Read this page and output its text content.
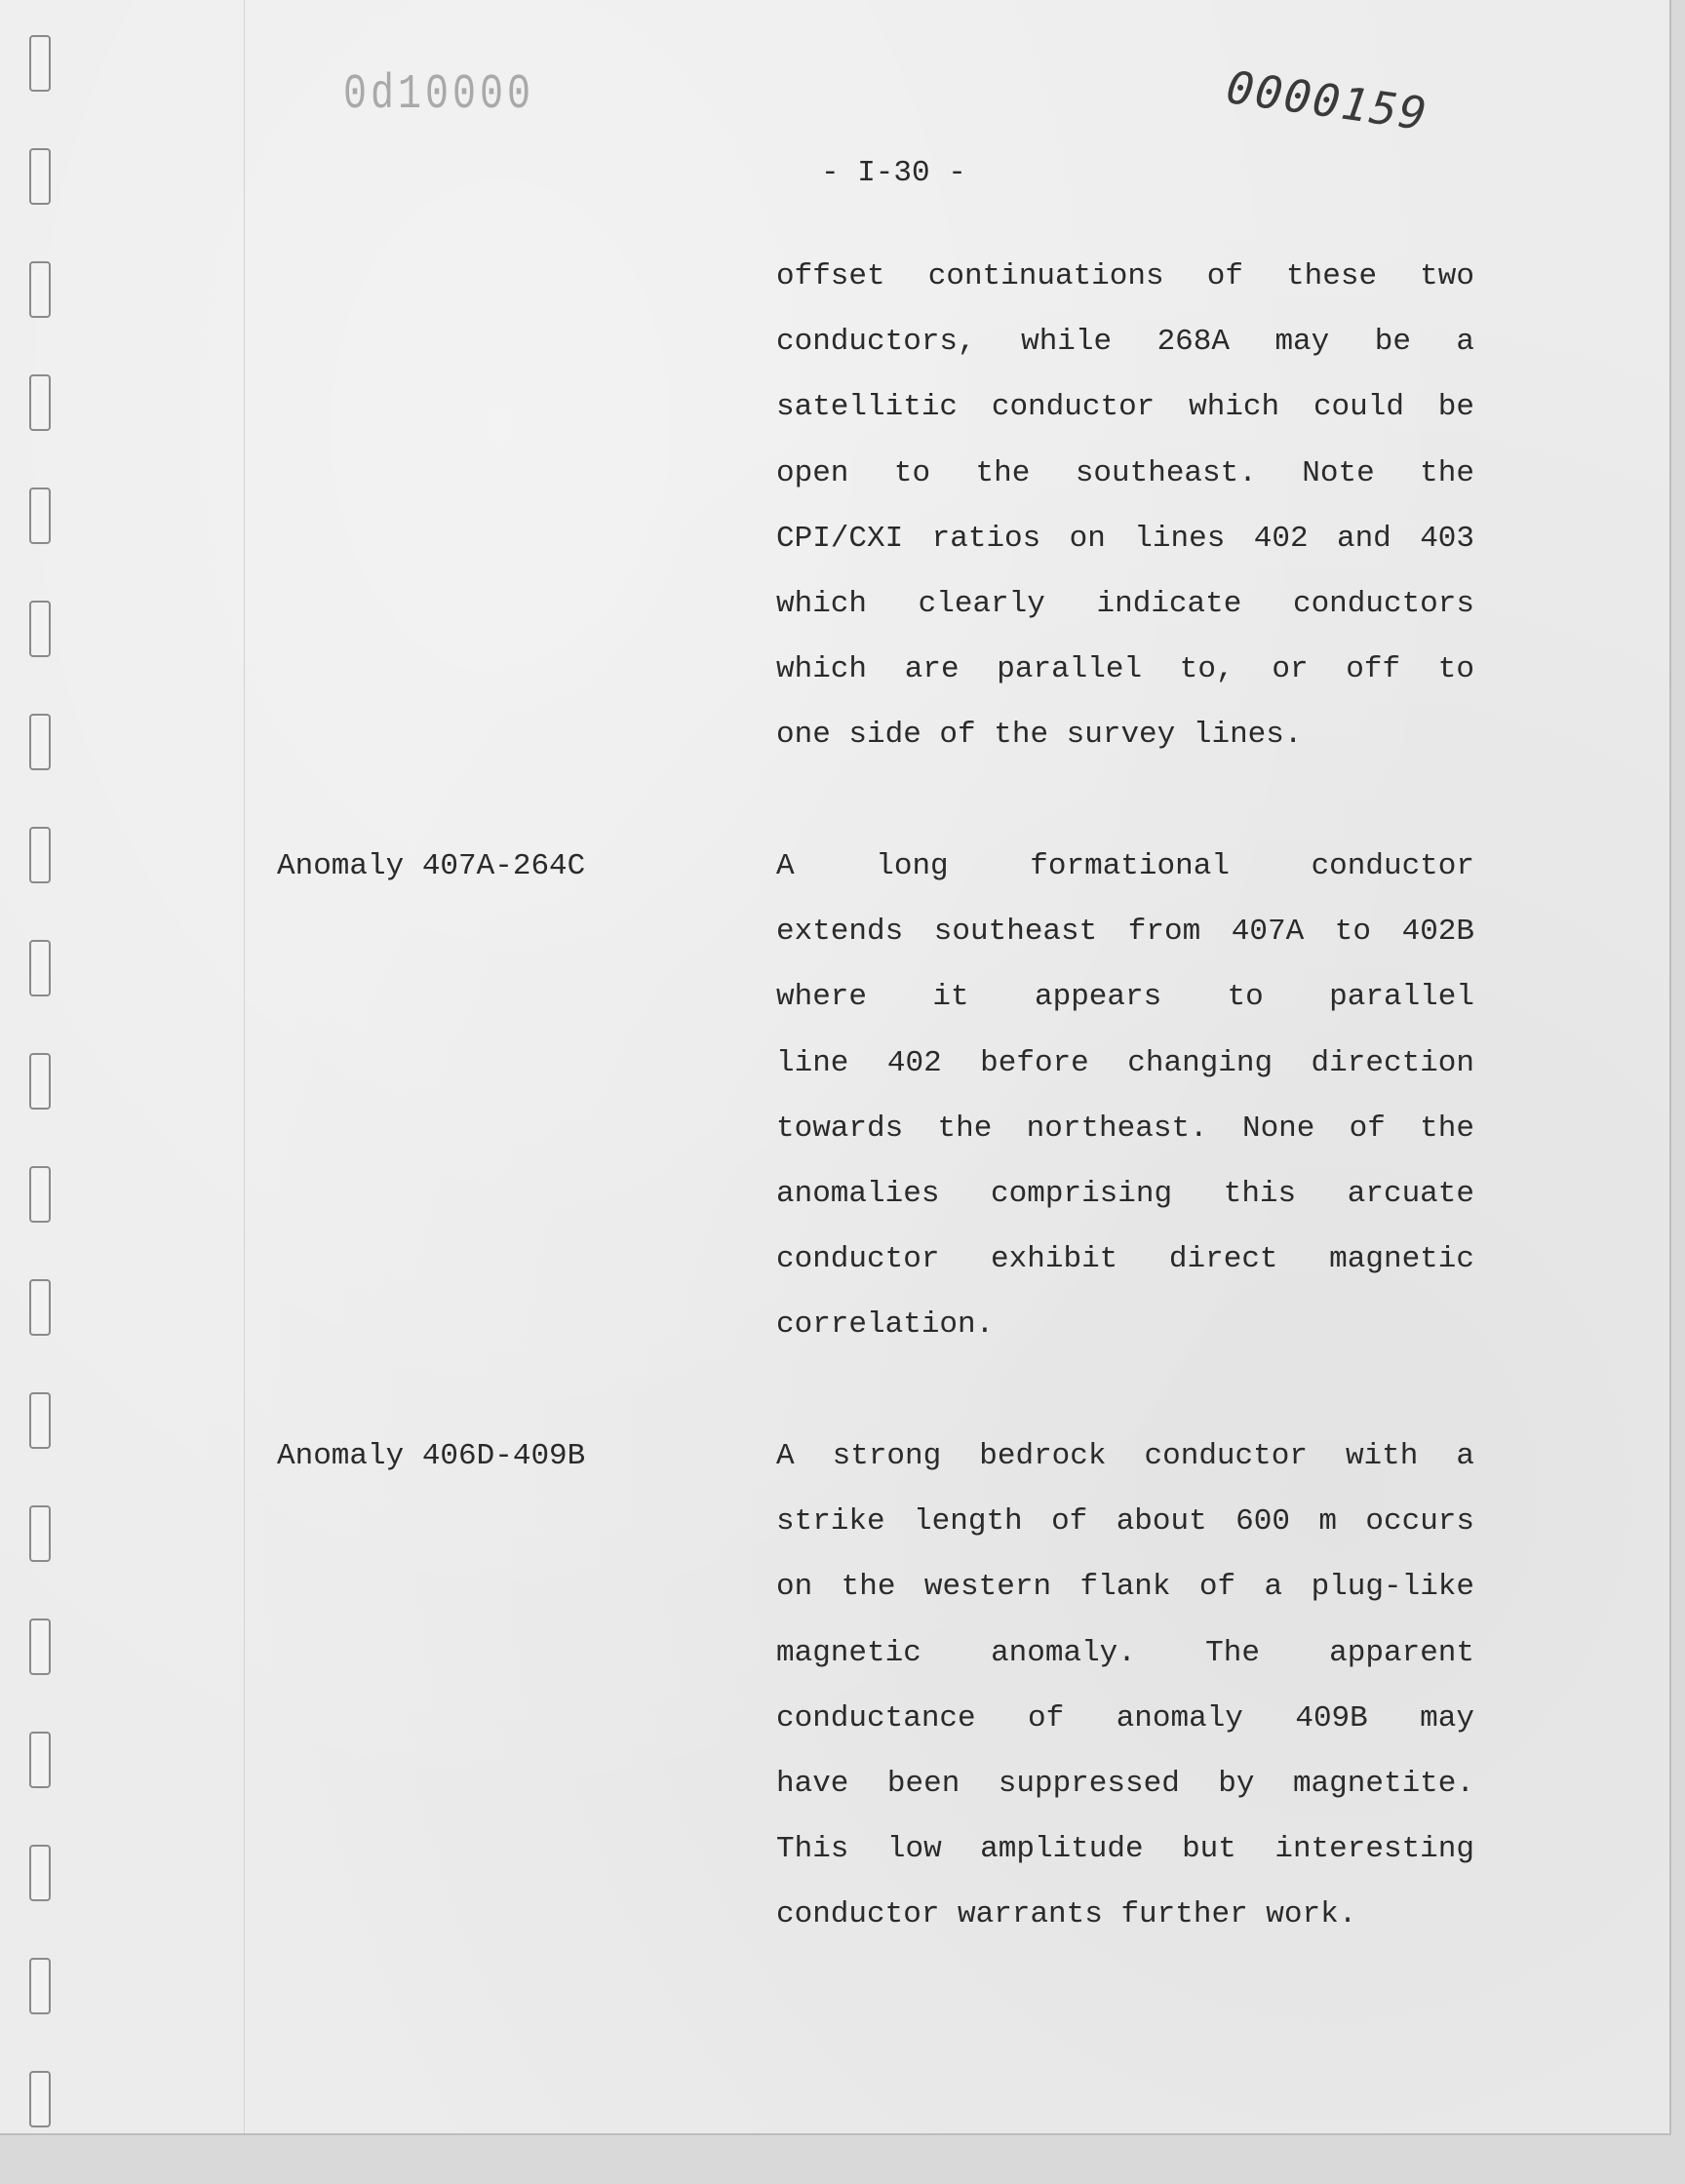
0d10000	0000159
- I-30 -
offset continuations of these two
conductors, while 268A may be a
satellitic conductor which could be
open to the southeast. Note the
CPI/CXI ratios on lines 402 and 403
which clearly indicate conductors
which are parallel to, or off to
one side of the survey lines.
Anomaly 407A-264C	A long formational conductor
extends southeast from 407A to 402B
where it appears to parallel
line 402 before changing direction
towards the northeast. None of the
anomalies comprising this arcuate
conductor exhibit direct magnetic
correlation.
Anomaly 406D-409B	A strong bedrock conductor with a
strike length of about 600 m occurs
on the western flank of a plug-like
magnetic anomaly. The apparent
conductance of anomaly 409B may
have been suppressed by magnetite.
This low amplitude but interesting
conductor warrants further work.
